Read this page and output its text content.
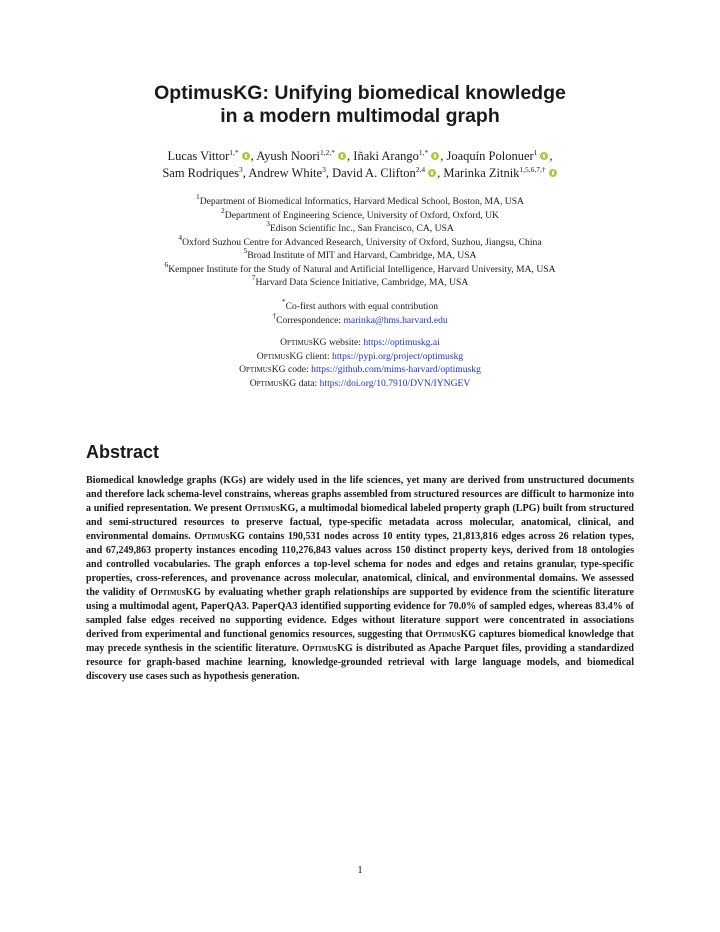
OptimusKG: Unifying biomedical knowledge
in a modern multimodal graph
Lucas Vittor$^{1,*}$ , Ayush Noori$^{1,2,*}$ , Iñaki Arango$^{1,*}$ , Joaquín Polonuer$^1$ ,
Sam Rodriques$^3$, Andrew White$^3$, David A. Clifton$^{2,4}$ , Marinka Zitnik$^{1,5,6,7,\dagger}$
$^1$Department of Biomedical Informatics, Harvard Medical School, Boston, MA, USA
$^2$Department of Engineering Science, University of Oxford, Oxford, UK
$^3$Edison Scientific Inc., San Francisco, CA, USA
$^4$Oxford Suzhou Centre for Advanced Research, University of Oxford, Suzhou, Jiangsu, China
$^5$Broad Institute of MIT and Harvard, Cambridge, MA, USA
$^6$Kempner Institute for the Study of Natural and Artificial Intelligence, Harvard University, MA, USA
$^7$Harvard Data Science Initiative, Cambridge, MA, USA
*Co-first authors with equal contribution
†Correspondence: marinka@hms.harvard.edu
OptimusKG website: https://optimuskg.ai
OptimusKG client: https://pypi.org/project/optimuskg
OptimusKG code: https://github.com/mims-harvard/optimuskg
OptimusKG data: https://doi.org/10.7910/DVN/IYNGEV
Abstract
Biomedical knowledge graphs (KGs) are widely used in the life sciences, yet many are derived from unstructured documents and therefore lack schema-level constrains, whereas graphs assembled from structured resources are difficult to harmonize into a unified representation. We present OptimusKG, a multimodal biomedical labeled property graph (LPG) built from structured and semi-structured resources to preserve factual, type-specific metadata across molecular, anatomical, clinical, and environmental domains. OptimusKG contains 190,531 nodes across 10 entity types, 21,813,816 edges across 26 relation types, and 67,249,863 property instances encoding 110,276,843 values across 150 distinct property keys, derived from 18 ontologies and controlled vocabularies. The graph enforces a top-level schema for nodes and edges and retains granular, type-specific properties, cross-references, and provenance across molecular, anatomical, clinical, and environmental domains. We assessed the validity of OptimusKG by evaluating whether graph relationships are supported by evidence from the scientific literature using a multimodal agent, PaperQA3. PaperQA3 identified supporting evidence for 70.0% of sampled edges, whereas 83.4% of sampled false edges received no supporting evidence. Edges without literature support were concentrated in associations derived from experimental and functional genomics resources, suggesting that OptimusKG captures biomedical knowledge that may precede synthesis in the scientific literature. OptimusKG is distributed as Apache Parquet files, providing a standardized resource for graph-based machine learning, knowledge-grounded retrieval with large language models, and biomedical discovery use cases such as hypothesis generation.
1
